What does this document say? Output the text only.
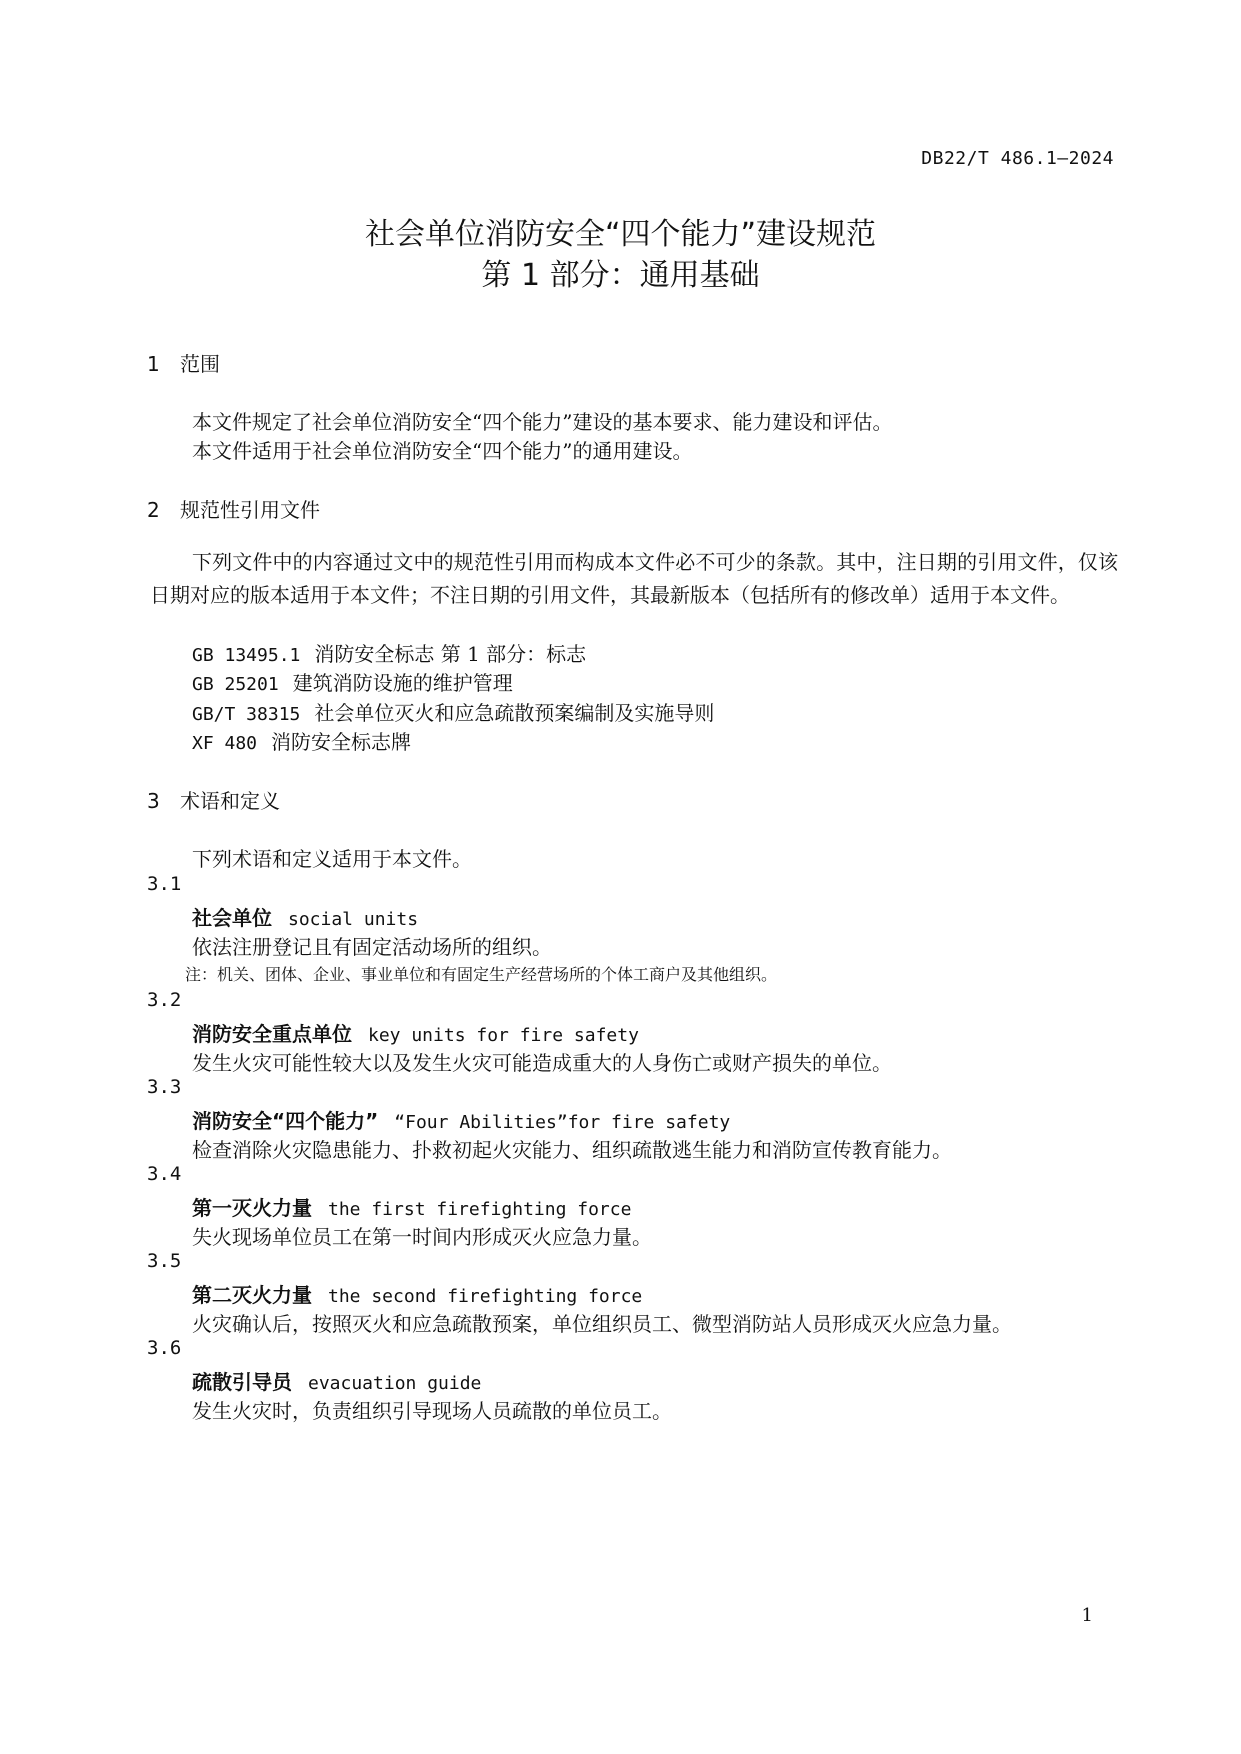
DB22/T 486.1—2024
社会单位消防安全“四个能力”建设规范
第 1 部分：通用基础
1 范围
本文件规定了社会单位消防安全“四个能力”建设的基本要求、能力建设和评估。
本文件适用于社会单位消防安全“四个能力”的通用建设。
2 规范性引用文件
下列文件中的内容通过文中的规范性引用而构成本文件必不可少的条款。其中，注日期的引用文件，仅该日期对应的版本适用于本文件；不注日期的引用文件，其最新版本（包括所有的修改单）适用于本文件。
GB 13495.1 消防安全标志 第 1 部分：标志
GB 25201 建筑消防设施的维护管理
GB/T 38315 社会单位灭火和应急疏散预案编制及实施导则
XF 480 消防安全标志牌
3 术语和定义
下列术语和定义适用于本文件。
3.1
社会单位 social units
依法注册登记且有固定活动场所的组织。
注：机关、团体、企业、事业单位和有固定生产经营场所的个体工商户及其他组织。
3.2
消防安全重点单位 key units for fire safety
发生火灾可能性较大以及发生火灾可能造成重大的人身伤亡或财产损失的单位。
3.3
消防安全“四个能力” “Four Abilities”for fire safety
检查消除火灾隐患能力、扑救初起火灾能力、组织疏散逃生能力和消防宣传教育能力。
3.4
第一灭火力量 the first firefighting force
失火现场单位员工在第一时间内形成灭火应急力量。
3.5
第二灭火力量 the second firefighting force
火灾确认后，按照灭火和应急疏散预案，单位组织员工、微型消防站人员形成灭火应急力量。
3.6
疏散引导员 evacuation guide
发生火灾时，负责组织引导现场人员疏散的单位员工。
1
